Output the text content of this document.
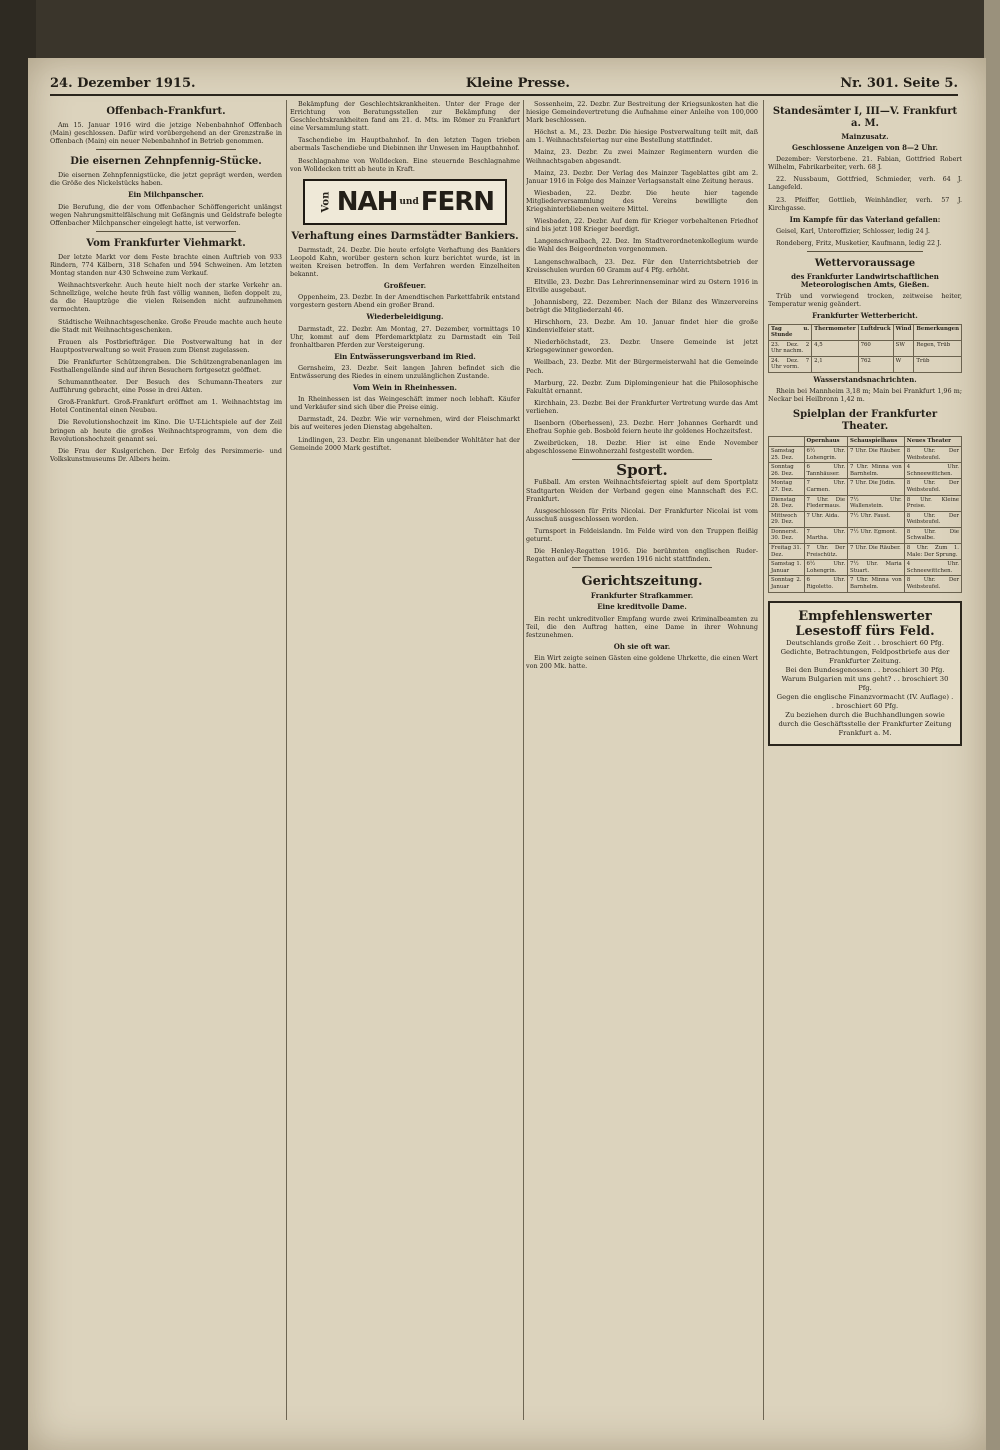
24. Dezember 1915.	Kleine Presse.	Nr. 301. Seite 5.
Offenbach-Frankfurt.

Am 15. Januar 1916 wird die jetzige Nebenbahnhof Offenbach (Main) geschlossen. Dafür wird vorübergehend an der Grenzstraße in Offenbach (Main) ein neuer Nebenbahnhof in Betrieb genommen.

Die eisernen Zehnpfennig-Stücke.

Die eisernen Zehnpfennigstücke, die jetzt geprägt werden, werden die Größe des Nickelstücks haben.

Ein Milchpanscher.

Die Berufung, die der vom Offenbacher Schöffengericht unlängst wegen Nahrungsmittelfälschung mit Gefängnis und Geldstrafe belegte Offenbacher Milchpanscher eingelegt hatte, ist verworfen.

Vom Frankfurter Viehmarkt.

Der letzte Markt vor dem Feste brachte einen Auftrieb von 933 Rindern, 774 Kälbern, 318 Schafen und 594 Schweinen. Am letzten Montag standen nur 430 Schweine zum Verkauf.

Weihnachtsverkehr. Auch heute hielt noch der starke Verkehr an. Schnellzüge, welche heute früh fast völlig wannen, liefen doppelt zu, da die Hauptzüge die vielen Reisenden nicht aufzunehmen vermochten.

Städtische Weihnachtsgeschenke. Große Freude machte auch heute die Stadt mit Weihnachtsgeschenken.

Frauen als Postbriefträger. Die Postverwaltung hat in der Hauptpostverwaltung so weit Frauen zum Dienst zugelassen.

Die Frankfurter Schützengraben. Die Schützengrabenanlagen im Festhallengelände sind auf ihren Besuchern fortgesetzt geöffnet.

Schumanntheater. Der Besuch des Schumann-Theaters zur Aufführung gebracht, eine Posse in drei Akten.

Groß-Frankfurt. Groß-Frankfurt eröffnet am 1. Weihnachtstag im Hotel Continental einen Neubau.

Die Revolutionshochzeit im Kino. Die U-T-Lichtspiele auf der Zeil bringen ab heute die großes Weihnachtsprogramm, von dem die Revolutionshochzeit genannt sei.

Die Frau der Kuslgerichen. Der Erfolg des Persimmerie- und Volkskunstmuseums Dr. Albers heim.

Bekämpfung der Geschlechtskrankheiten. Unter der Frage der Errichtung von Beratungsstellen zur Bekämpfung der Geschlechtskrankheiten fand am 21. d. Mts. im Römer zu Frankfurt eine Versammlung statt.

Taschendiebe im Hauptbahnhof. In den letzten Tagen trieben abermals Taschendiebe und Diebinnen ihr Unwesen im Hauptbahnhof.

Beschlagnahme von Wolldecken. Eine steuernde Beschlagnahme von Wolldecken tritt ab heute in Kraft.

Von NAH und FERN
Verhaftung eines Darmstädter Bankiers.

Darmstadt, 24. Dezbr. Die heute erfolgte Verhaftung des Bankiers Leopold Kahn, worüber gestern schon kurz berichtet wurde, ist in weiten Kreisen betroffen. In dem Verfahren werden Einzelheiten bekannt.

Großfeuer.

Oppenheim, 23. Dezbr. In der Amendtischen Parkettfabrik entstand vorgestern gestern Abend ein großer Brand.

Wiederbeleidigung.

Darmstadt, 22. Dezbr. Am Montag, 27. Dezember, vormittags 10 Uhr, kommt auf dem Pferdemarktplatz zu Darmstadt ein Teil fronhaltbaren Pferden zur Versteigerung.

Ein Entwässerungsverband im Ried.

Gernsheim, 23. Dezbr. Seit langen Jahren befindet sich die Entwässerung des Riedes in einem unzulänglichen Zustande.

Vom Wein in Rheinhessen.

In Rheinhessen ist das Weingeschäft immer noch lebhaft. Käufer und Verkäufer sind sich über die Preise einig.

Darmstadt, 24. Dezbr. Wie wir vernehmen, wird der Fleischmarkt bis auf weiteres jeden Dienstag abgehalten.

Lindlingen, 23. Dezbr. Ein ungenannt bleibender Wohltäter hat der Gemeinde 2000 Mark gestiftet.

Sossenheim, 22. Dezbr. Zur Bestreitung der Kriegsunkosten hat die hiesige Gemeindevertretung die Aufnahme einer Anleihe von 100,000 Mark beschlossen.

Höchst a. M., 23. Dezbr. Die hiesige Postverwaltung teilt mit, daß am 1. Weihnachtsfeiertag nur eine Bestellung stattfindet.

Mainz, 23. Dezbr. Zu zwei Mainzer Regimentern wurden die Weihnachtsgaben abgesandt.

Mainz, 23. Dezbr. Der Verlag des Mainzer Tageblattes gibt am 2. Januar 1916 in Folge des Mainzer Verlagsanstalt eine Zeitung heraus.

Wiesbaden, 22. Dezbr. Die heute hier tagende Mitgliederversammlung des Vereins bewilligte den Kriegshinterbliebenen weitere Mittel.

Wiesbaden, 22. Dezbr. Auf dem für Krieger vorbehaltenen Friedhof sind bis jetzt 108 Krieger beerdigt.

Langenschwalbach, 22. Dez. Im Stadtverordnetenkollegium wurde die Wahl des Beigeordneten vorgenommen.

Langenschwalbach, 23. Dez. Für den Unterrichtsbetrieb der Kreisschulen wurden 60 Gramm auf 4 Pfg. erhöht.

Eltville, 23. Dezbr. Das Lehrerinnenseminar wird zu Ostern 1916 in Eltville ausgebaut.

Johannisberg, 22. Dezember. Nach der Bilanz des Winzervereins beträgt die Mitgliederzahl 46.

Hirschhorn, 23. Dezbr. Am 10. Januar findet hier die große Kindenvielfeier statt.

Niederhöchstadt, 23. Dezbr. Unsere Gemeinde ist jetzt Kriegsgewinner geworden.

Weilbach, 23. Dezbr. Mit der Bürgermeisterwahl hat die Gemeinde Pech.

Marburg, 22. Dezbr. Zum Diplomingenieur hat die Philosophische Fakultät ernannt.

Kirchhain, 23. Dezbr. Bei der Frankfurter Vertretung wurde das Amt verliehen.

Ilsenborn (Oberhessen), 23. Dezbr. Herr Johannes Gerhardt und Ehefrau Sophie geb. Bosbold feiern heute ihr goldenes Hochzeitsfest.

Zweibrücken, 18. Dezbr. Hier ist eine Ende November abgeschlossene Einwohnerzahl festgestellt worden.

Sport.

Fußball. Am ersten Weihnachtsfeiertag spielt auf dem Sportplatz Stadtgarten Weiden der Verband gegen eine Mannschaft des F.C. Frankfurt.

Ausgeschlossen für Frits Nicolai. Der Frankfurter Nicolai ist vom Ausschuß ausgeschlossen worden.

Turnsport in Feldeislandn. Im Felde wird von den Truppen fleißig geturnt.

Die Henley-Regatten 1916. Die berühmten englischen Ruder-Regatten auf der Themse werden 1916 nicht stattfinden.

Gerichtszeitung.
Frankfurter Strafkammer.
Eine kreditvolle Dame.

Ein recht unkreditvoller Empfang wurde zwei Kriminalbeamten zu Teil, die den Auftrag hatten, eine Dame in ihrer Wohnung festzunehmen.

Oh sie oft war.

Ein Wirt zeigte seinen Gästen eine goldene Uhrkette, die einen Wert von 200 Mk. hatte.

Standesämter I, III—V. Frankfurt a. M.
Mainzusatz.
Geschlossene Anzeigen von 8—2 Uhr.

Dezember: Verstorbene. 21. Fabian, Gottfried Robert Wilhelm, Fabrikarbeiter, verh. 68 J.

22. Nussbaum, Gottfried, Schmieder, verh. 64 J. Langefeld.

23. Pfeiffer, Gottlieb, Weinhändler, verh. 57 J. Kirchgasse.

Im Kampfe für das Vaterland gefallen:

Geisel, Karl, Unteroffizier, Schlosser, ledig 24 J.

Rondeberg, Fritz, Musketier, Kaufmann, ledig 22 J.

Wettervoraussage
des Frankfurter Landwirtschaftlichen Meteorologischen Amts, Gießen.

Trüb und vorwiegend trocken, zeitweise heiter, Temperatur wenig geändert.

Frankfurter Wetterbericht.
Tag u. Stunde	Thermometer	Luftdruck	Wind	Bemerkungen
23. Dez. 2 Uhr nachm.	4,5	760	SW	Regen, Trüb
24. Dez. 7 Uhr vorm.	2,1	762	W	Trüb
Wasserstandsnachrichten.

Rhein bei Mannheim 3,18 m; Main bei Frankfurt 1,96 m; Neckar bei Heilbronn 1,42 m.

Spielplan der Frankfurter Theater.
	Opernhaus	Schauspielhaus	Neues Theater
Samstag 25. Dez.	6½ Uhr. Lohengrin.	7 Uhr. Die Räuber.	8 Uhr. Der Weibsteufel.
Sonntag 26. Dez.	6 Uhr. Tannhäuser.	7 Uhr. Minna von Barnhelm.	4 Uhr. Schneewittchen.
Montag 27. Dez.	7 Uhr. Carmen.	7 Uhr. Die Jüdin.	8 Uhr. Der Weibsteufel.
Dienstag 28. Dez.	7 Uhr. Die Fledermaus.	7½ Uhr. Wallenstein.	8 Uhr. Kleine Preise.
Mittwoch 29. Dez.	7 Uhr. Aida.	7½ Uhr. Faust.	8 Uhr. Der Weibsteufel.
Donnerst. 30. Dez.	7 Uhr. Martha.	7½ Uhr. Egmont.	8 Uhr. Die Schwalbe.
Freitag 31. Dez.	7 Uhr. Der Freischütz.	7 Uhr. Die Räuber.	8 Uhr. Zum 1. Male: Der Sprung.
Samstag 1. Januar	6½ Uhr. Lohengrin.	7½ Uhr. Maria Stuart.	4 Uhr. Schneewittchen.
Sonntag 2. Januar	6 Uhr. Rigoletto.	7 Uhr. Minna von Barnhelm.	8 Uhr. Der Weibsteufel.
Empfehlenswerter Lesestoff fürs Feld.
Deutschlands große Zeit . . broschiert 60 Pfg.
Gedichte, Betrachtungen, Feldpostbriefe aus der Frankfurter Zeitung.
Bei den Bundesgenossen . . broschiert 30 Pfg.
Warum Bulgarien mit uns geht? . . broschiert 30 Pfg.
Gegen die englische Finanzvormacht (IV. Auflage) . . broschiert 60 Pfg.
Zu beziehen durch die Buchhandlungen sowie durch die Geschäftsstelle der Frankfurter Zeitung Frankfurt a. M.
